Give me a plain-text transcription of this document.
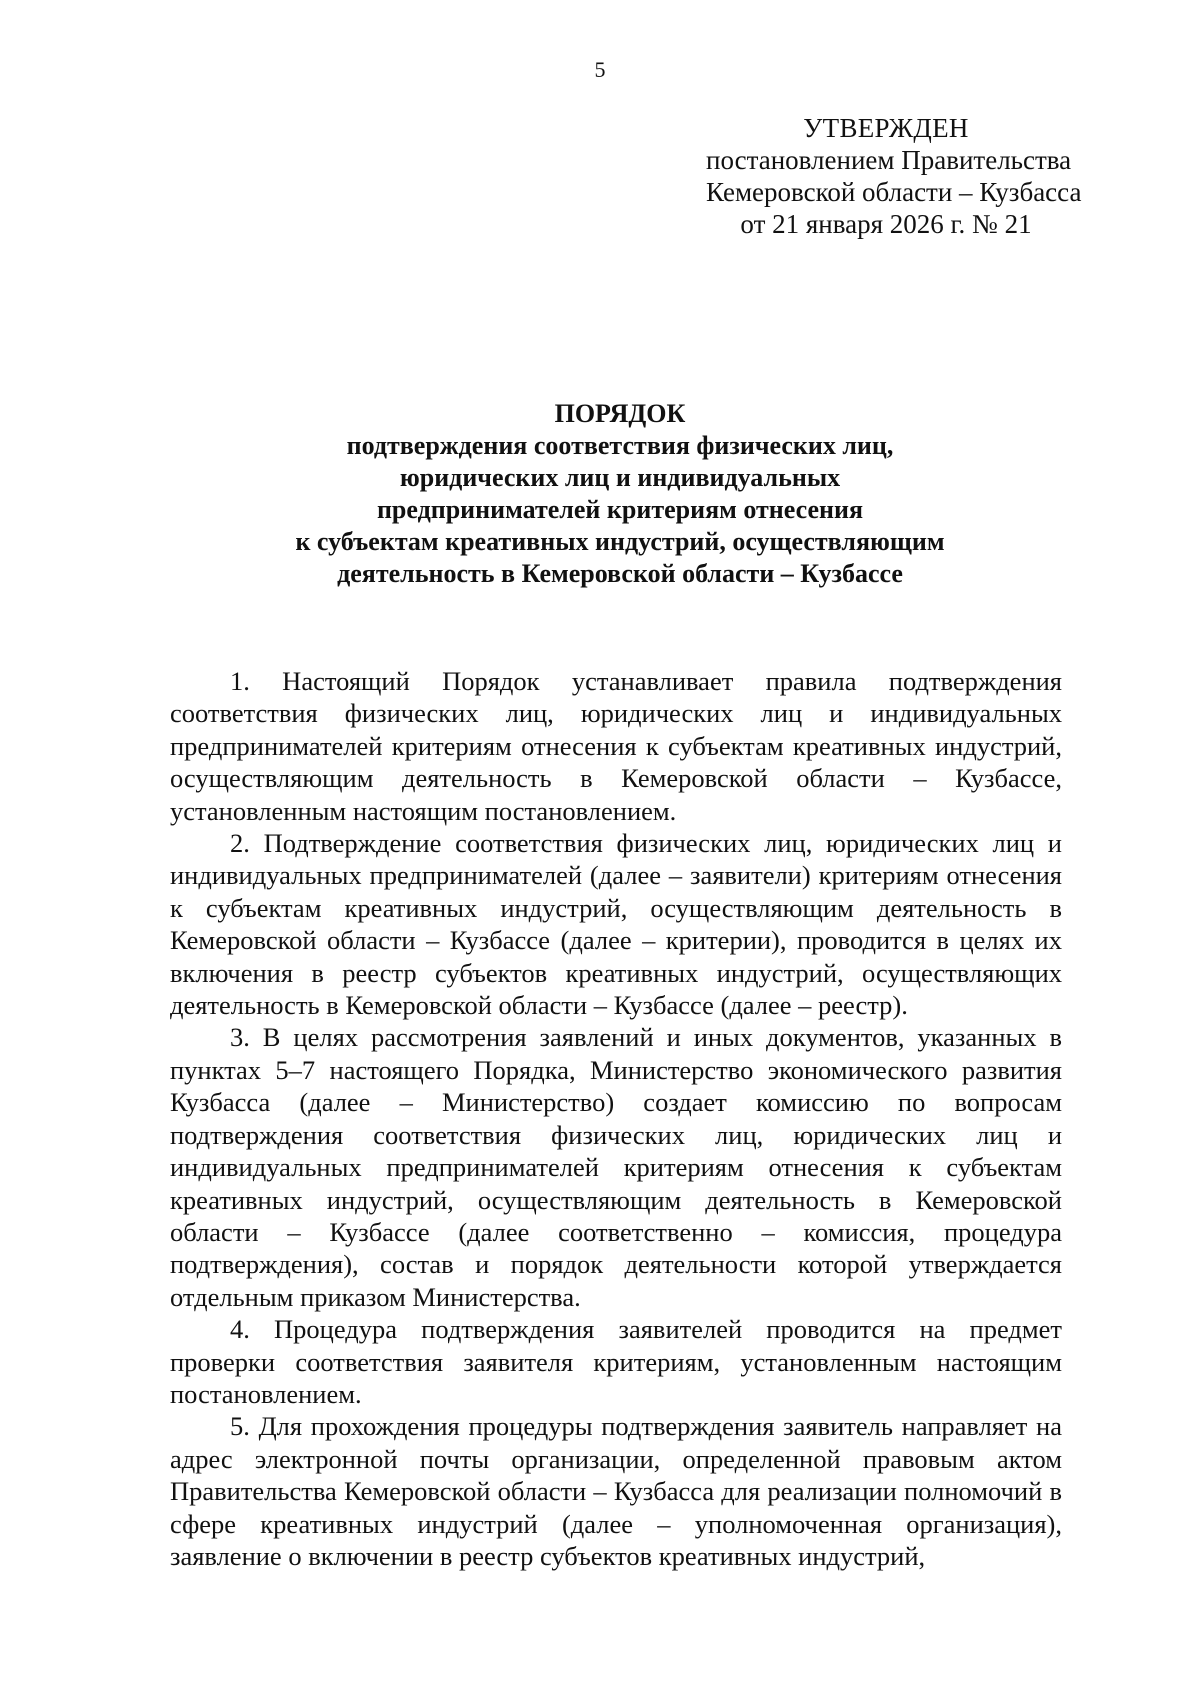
5
УТВЕРЖДЕН
постановлением Правительства
Кемеровской области – Кузбасса
от 21 января 2026 г. № 21
ПОРЯДОК
подтверждения соответствия физических лиц,
юридических лиц и индивидуальных
предпринимателей критериям отнесения
к субъектам креативных индустрий, осуществляющим
деятельность в Кемеровской области – Кузбассе

1. Настоящий Порядок устанавливает правила подтверждения соответствия физических лиц, юридических лиц и индивидуальных предпринимателей критериям отнесения к субъектам креативных индустрий, осуществляющим деятельность в Кемеровской области – Кузбассе, установленным настоящим постановлением.

2. Подтверждение соответствия физических лиц, юридических лиц и индивидуальных предпринимателей (далее – заявители) критериям отнесения к субъектам креативных индустрий, осуществляющим деятельность в Кемеровской области – Кузбассе (далее – критерии), проводится в целях их включения в реестр субъектов креативных индустрий, осуществляющих деятельность в Кемеровской области – Кузбассе (далее – реестр).

3. В целях рассмотрения заявлений и иных документов, указанных в пунктах 5–7 настоящего Порядка, Министерство экономического развития Кузбасса (далее – Министерство) создает комиссию по вопросам подтверждения соответствия физических лиц, юридических лиц и индивидуальных предпринимателей критериям отнесения к субъектам креативных индустрий, осуществляющим деятельность в Кемеровской области – Кузбассе (далее соответственно – комиссия, процедура подтверждения), состав и порядок деятельности которой утверждается отдельным приказом Министерства.

4. Процедура подтверждения заявителей проводится на предмет проверки соответствия заявителя критериям, установленным настоящим постановлением.

5. Для прохождения процедуры подтверждения заявитель направляет на адрес электронной почты организации, определенной правовым актом Правительства Кемеровской области – Кузбасса для реализации полномочий в сфере креативных индустрий (далее – уполномоченная организация), заявление о включении в реестр субъектов креативных индустрий,
